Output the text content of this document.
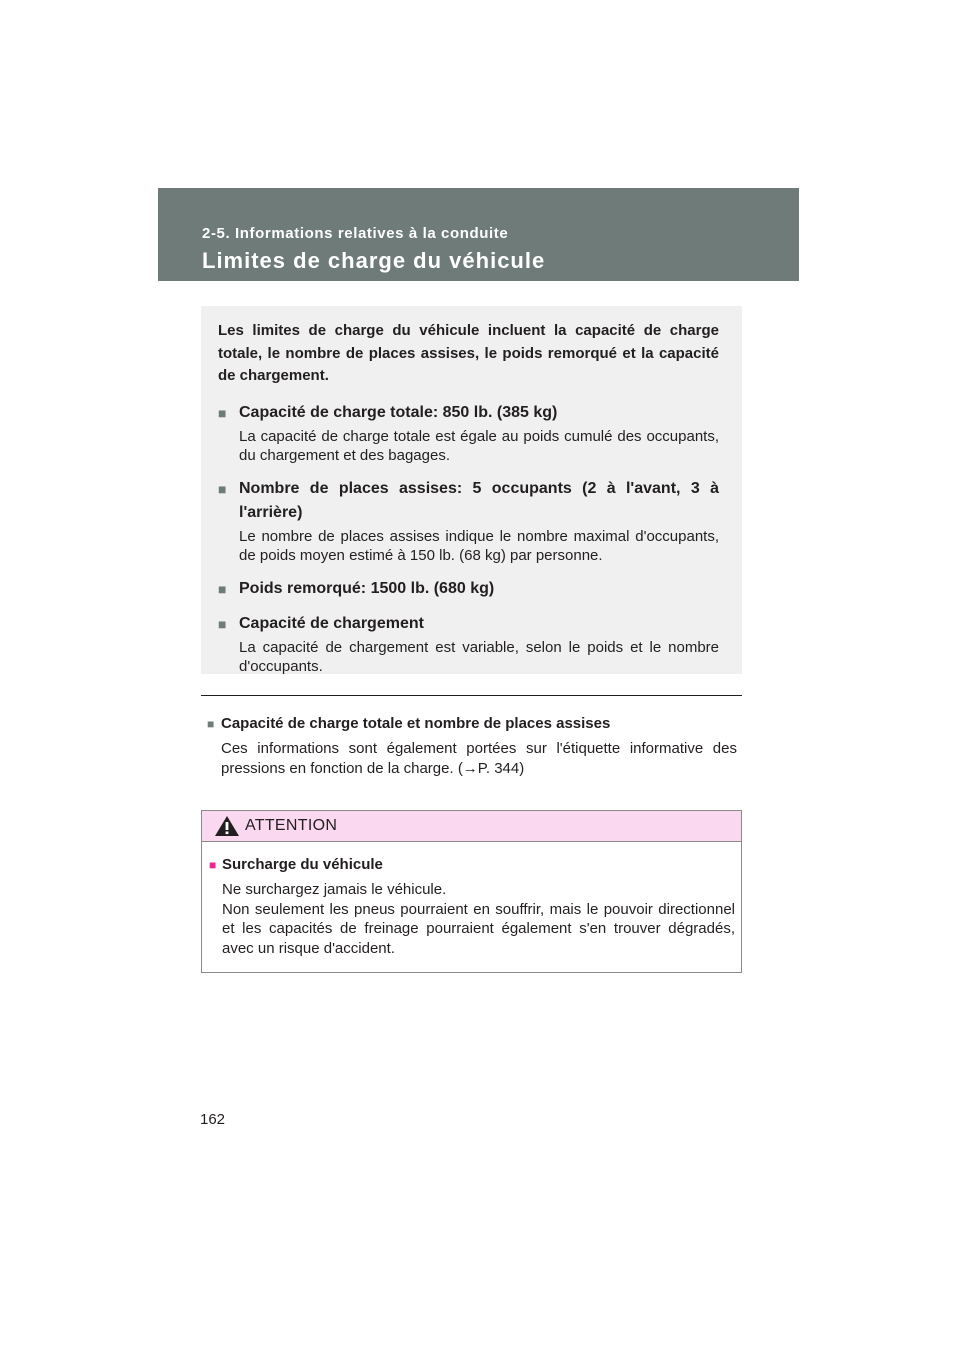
2-5. Informations relatives à la conduite
Limites de charge du véhicule

Les limites de charge du véhicule incluent la capacité de charge totale, le nombre de places assises, le poids remorqué et la capacité de chargement.

■ Capacité de charge totale: 850 lb. (385 kg)
La capacité de charge totale est égale au poids cumulé des occupants, du chargement et des bagages.
■ Nombre de places assises: 5 occupants (2 à l'avant, 3 à l'arrière)
Le nombre de places assises indique le nombre maximal d'occupants, de poids moyen estimé à 150 lb. (68 kg) par personne.
■ Poids remorqué: 1500 lb. (680 kg)
■ Capacité de chargement
La capacité de chargement est variable, selon le poids et le nombre d'occupants.
■ Capacité de charge totale et nombre de places assises
Ces informations sont également portées sur l'étiquette informative des pressions en fonction de la charge. (→P. 344)
ATTENTION
■ Surcharge du véhicule
Ne surchargez jamais le véhicule.
Non seulement les pneus pourraient en souffrir, mais le pouvoir directionnel et les capacités de freinage pourraient également s'en trouver dégradés, avec un risque d'accident.
162
